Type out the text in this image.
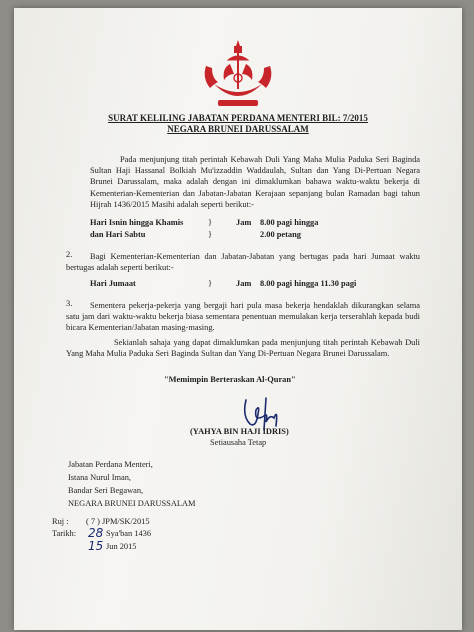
SURAT KELILING JABATAN PERDANA MENTERI BIL: 7/2015
NEGARA BRUNEI DARUSSALAM
Pada menjunjung titah perintah Kebawah Duli Yang Maha Mulia Paduka Seri Baginda Sultan Haji Hassanal Bolkiah Mu'izzaddin Waddaulah, Sultan dan Yang Di-Pertuan Negara Brunei Darussalam, maka adalah dengan ini dimaklumkan bahawa waktu-waktu bekerja di Kementerian-Kementerian dan Jabatan-Jabatan Kerajaan sepanjang bulan Ramadan bagi tahun Hijrah 1436/2015 Masihi adalah seperti berikut:-
Hari Isnin hingga Khamis	}	Jam 8.00 pagi hingga
dan Hari Sabtu	}	2.00 petang
2.	Bagi Kementerian-Kementerian dan Jabatan-Jabatan yang bertugas pada hari Jumaat waktu bertugas adalah seperti berikut:-
Hari Jumaat	}	Jam 8.00 pagi hingga 11.30 pagi
3.	Sementera pekerja-pekerja yang bergaji hari pula masa bekerja hendaklah dikurangkan selama satu jam dari waktu-waktu bekerja biasa sementara penentuan memulakan kerja terserahlah kepada budi bicara Kementerian/Jabatan masing-masing.
Sekianlah sahaja yang dapat dimaklumkan pada menjunjung titah perintah Kebawah Duli Yang Maha Mulia Paduka Seri Baginda Sultan dan Yang Di-Pertuan Negara Brunei Darussalam.
"Memimpin Berteraskan Al-Quran"
(YAHYA BIN HAJI IDRIS)
Setiausaha Tetap
Jabatan Perdana Menteri,
Istana Nurul Iman,
Bandar Seri Begawan,
NEGARA BRUNEI DARUSSALAM
Ruj : ( 7 ) JPM/SK/2015
Tarikh: 28 Sya'ban 1436
15 Jun 2015
